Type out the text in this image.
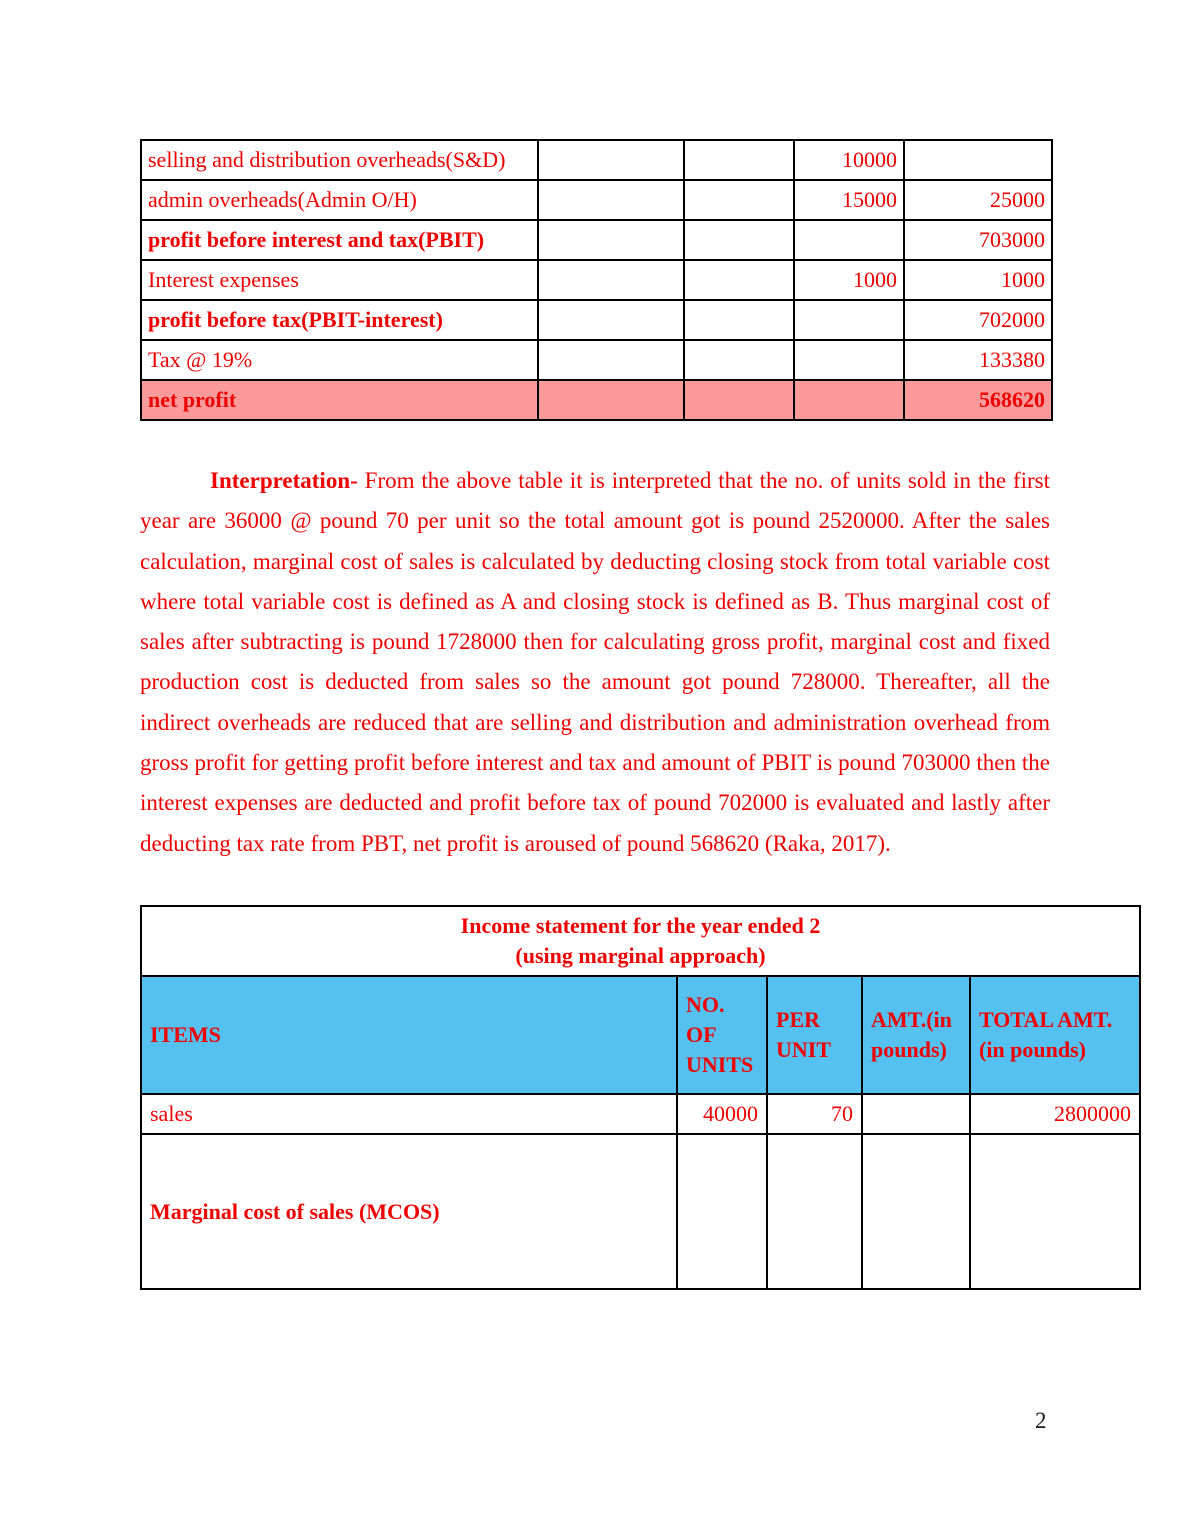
selling and distribution overheads(S&D)			10000	
admin overheads(Admin O/H)			15000	25000
profit before interest and tax(PBIT)				703000
Interest expenses			1000	1000
profit before tax(PBIT-interest)				702000
Tax @ 19%				133380
net profit				568620

Interpretation- From the above table it is interpreted that the no. of units sold in the first year are 36000 @ pound 70 per unit so the total amount got is pound 2520000. After the sales calculation, marginal cost of sales is calculated by deducting closing stock from total variable cost where total variable cost is defined as A and closing stock is defined as B. Thus marginal cost of sales after subtracting is pound 1728000 then for calculating gross profit, marginal cost and fixed production cost is deducted from sales so the amount got pound 728000. Thereafter, all the indirect overheads are reduced that are selling and distribution and administration overhead from gross profit for getting profit before interest and tax and amount of PBIT is pound 703000 then the interest expenses are deducted and profit before tax of pound 702000 is evaluated and lastly after deducting tax rate from PBT, net profit is aroused of pound 568620 (Raka, 2017).

Income statement for the year ended 2
(using marginal approach)				

ITEMS	NO. OF UNITS	PER UNIT	AMT.(in pounds)	TOTAL AMT. (in pounds)
sales	40000	70		2800000
Marginal cost of sales (MCOS)				
2
